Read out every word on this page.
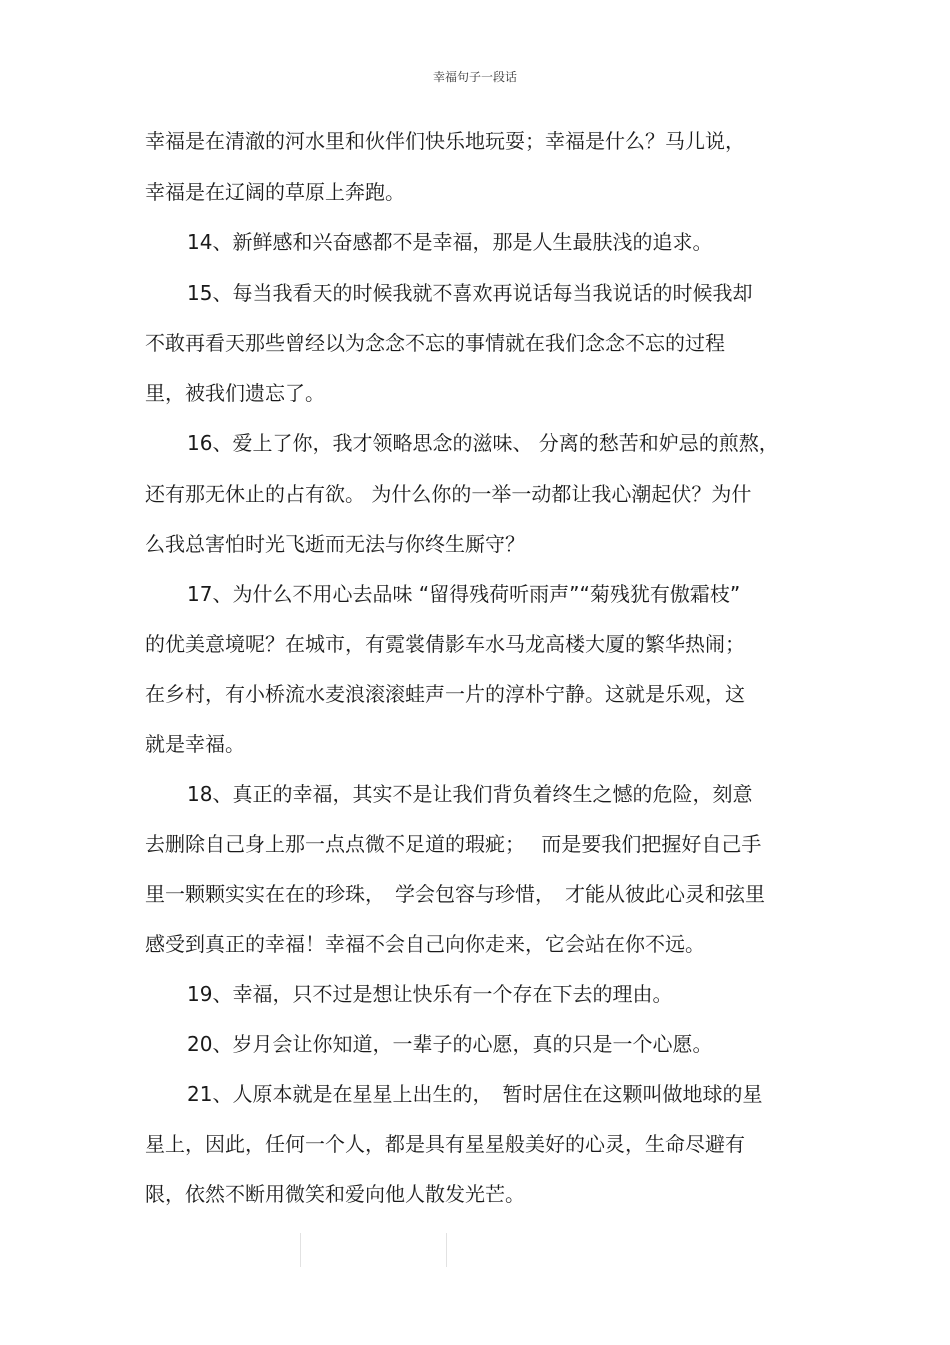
幸福句子一段话
幸福是在清澈的河水里和伙伴们快乐地玩耍；幸福是什么？马儿说，
幸福是在辽阔的草原上奔跑。
14、新鲜感和兴奋感都不是幸福，那是人生最肤浅的追求。
15、每当我看天的时候我就不喜欢再说话每当我说话的时候我却
不敢再看天那些曾经以为念念不忘的事情就在我们念念不忘的过程
里，被我们遗忘了。
16、爱上了你，我才领略思念的滋味、 分离的愁苦和妒忌的煎熬，
还有那无休止的占有欲。 为什么你的一举一动都让我心潮起伏？为什
么我总害怕时光飞逝而无法与你终生厮守？
17、为什么不用心去品味 “留得残荷听雨声”“菊残犹有傲霜枝”
的优美意境呢？在城市，有霓裳倩影车水马龙高楼大厦的繁华热闹；
在乡村，有小桥流水麦浪滚滚蛙声一片的淳朴宁静。这就是乐观，这
就是幸福。
18、真正的幸福，其实不是让我们背负着终生之憾的危险，刻意
去删除自己身上那一点点微不足道的瑕疵；　 而是要我们把握好自己手
里一颗颗实实在在的珍珠，　学会包容与珍惜，　才能从彼此心灵和弦里
感受到真正的幸福！幸福不会自己向你走来，它会站在你不远。
19、幸福，只不过是想让快乐有一个存在下去的理由。
20、岁月会让你知道，一辈子的心愿，真的只是一个心愿。
21、人原本就是在星星上出生的，　暂时居住在这颗叫做地球的星
星上，因此，任何一个人，都是具有星星般美好的心灵，生命尽避有
限，依然不断用微笑和爱向他人散发光芒。
